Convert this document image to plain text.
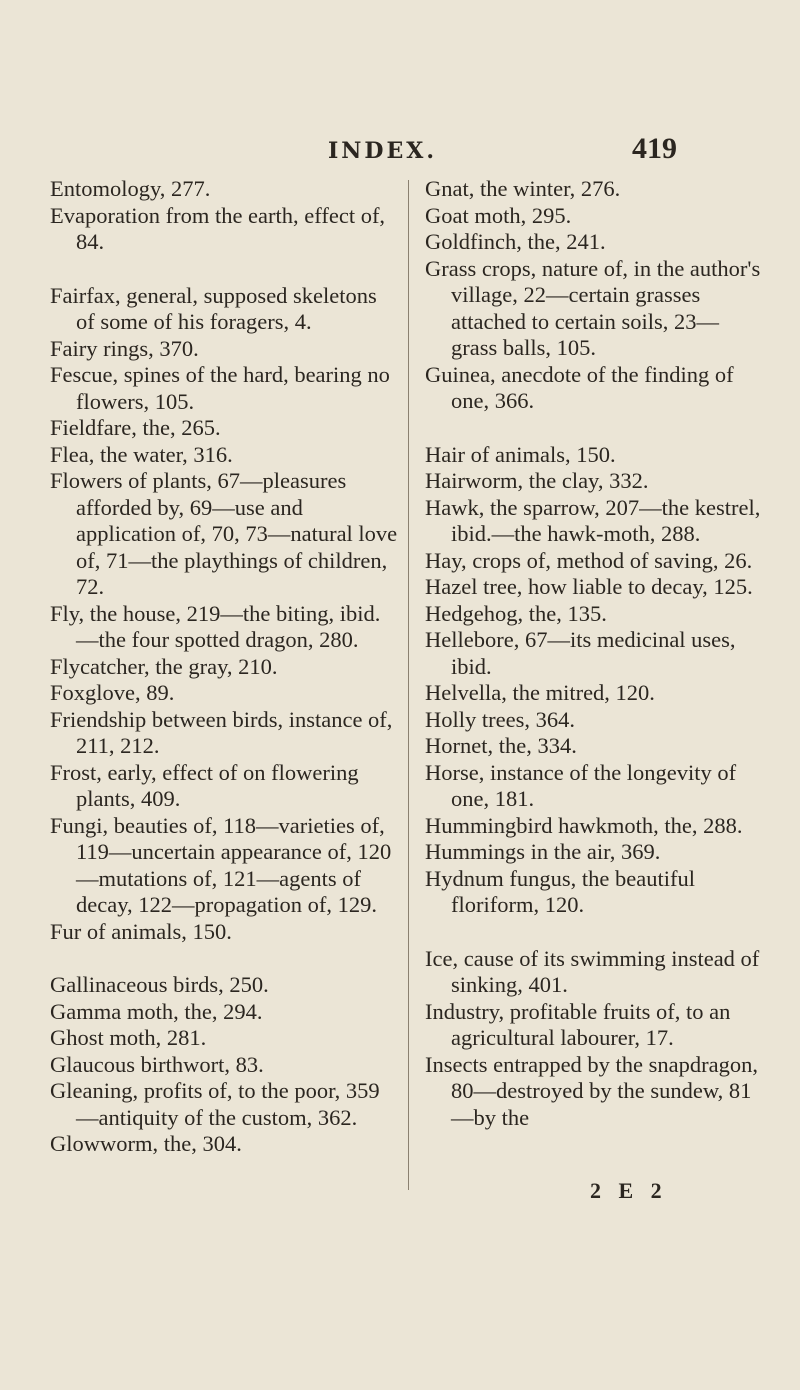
INDEX.	419

Entomology, 277.

Evaporation from the earth, effect of, 84.

Fairfax, general, supposed skeletons of some of his foragers, 4.

Fairy rings, 370.

Fescue, spines of the hard, bearing no flowers, 105.

Fieldfare, the, 265.

Flea, the water, 316.

Flowers of plants, 67—pleasures afforded by, 69—use and application of, 70, 73—natural love of, 71—the playthings of children, 72.

Fly, the house, 219—the biting, ibid.—the four spotted dragon, 280.

Flycatcher, the gray, 210.

Foxglove, 89.

Friendship between birds, instance of, 211, 212.

Frost, early, effect of on flowering plants, 409.

Fungi, beauties of, 118—varieties of, 119—uncertain appearance of, 120—mutations of, 121—agents of decay, 122—propagation of, 129.

Fur of animals, 150.

Gallinaceous birds, 250.

Gamma moth, the, 294.

Ghost moth, 281.

Glaucous birthwort, 83.

Gleaning, profits of, to the poor, 359—antiquity of the custom, 362.

Glowworm, the, 304.

Gnat, the winter, 276.

Goat moth, 295.

Goldfinch, the, 241.

Grass crops, nature of, in the author's village, 22—certain grasses attached to certain soils, 23—grass balls, 105.

Guinea, anecdote of the finding of one, 366.

Hair of animals, 150.

Hairworm, the clay, 332.

Hawk, the sparrow, 207—the kestrel, ibid.—the hawk-moth, 288.

Hay, crops of, method of saving, 26.

Hazel tree, how liable to decay, 125.

Hedgehog, the, 135.

Hellebore, 67—its medicinal uses, ibid.

Helvella, the mitred, 120.

Holly trees, 364.

Hornet, the, 334.

Horse, instance of the longevity of one, 181.

Hummingbird hawkmoth, the, 288.

Hummings in the air, 369.

Hydnum fungus, the beautiful floriform, 120.

Ice, cause of its swimming instead of sinking, 401.

Industry, profitable fruits of, to an agricultural labourer, 17.

Insects entrapped by the snapdragon, 80—destroyed by the sundew, 81—by the

2 E 2
